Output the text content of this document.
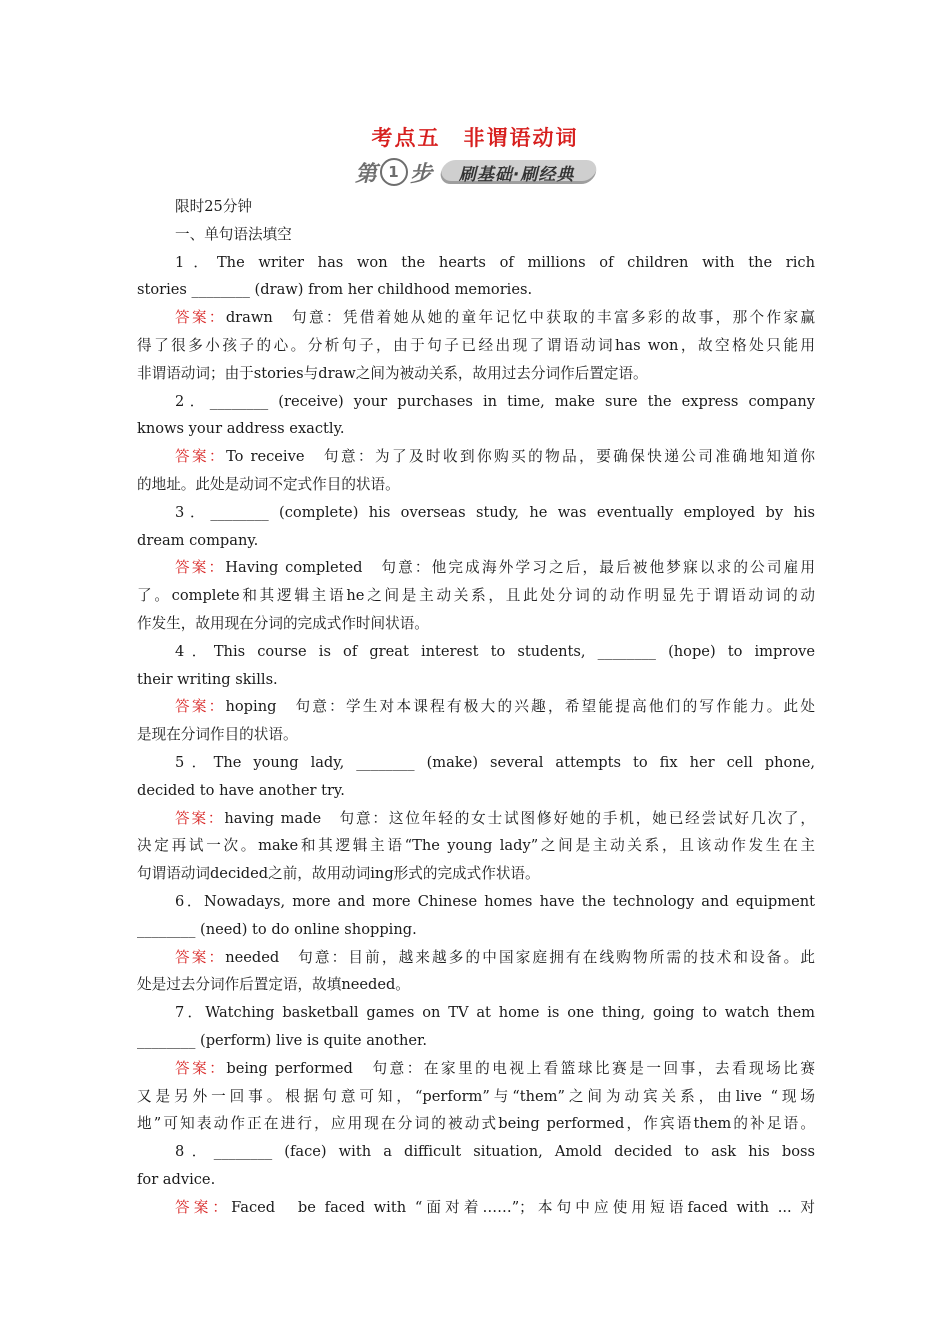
考点五　非谓语动词
第 1 步 刷基础·刷经典
限时25分钟
一、单句语法填空
1．The writer has won the hearts of millions of children with the rich
stories ________ (draw) from her childhood memories.
答案：drawn　句意：凭借着她从她的童年记忆中获取的丰富多彩的故事，那个作家赢
得了很多小孩子的心。分析句子，由于句子已经出现了谓语动词has won，故空格处只能用
非谓语动词；由于stories与draw之间为被动关系，故用过去分词作后置定语。
2．________ (receive) your purchases in time, make sure the express company
knows your address exactly.
答案：To receive　句意：为了及时收到你购买的物品，要确保快递公司准确地知道你
的地址。此处是动词不定式作目的状语。
3．________ (complete) his overseas study, he was eventually employed by his
dream company.
答案：Having completed　句意：他完成海外学习之后，最后被他梦寐以求的公司雇用
了。complete和其逻辑主语he之间是主动关系，且此处分词的动作明显先于谓语动词的动
作发生，故用现在分词的完成式作时间状语。
4．This course is of great interest to students, ________ (hope) to improve
their writing skills.
答案：hoping　句意：学生对本课程有极大的兴趣，希望能提高他们的写作能力。此处
是现在分词作目的状语。
5．The young lady, ________ (make) several attempts to fix her cell phone,
decided to have another try.
答案：having made　句意：这位年轻的女士试图修好她的手机，她已经尝试好几次了，
决定再试一次。make和其逻辑主语“The young lady”之间是主动关系，且该动作发生在主
句谓语动词decided之前，故用动词ing形式的完成式作状语。
6．Nowadays, more and more Chinese homes have the technology and equipment
________ (need) to do online shopping.
答案：needed　句意：目前，越来越多的中国家庭拥有在线购物所需的技术和设备。此
处是过去分词作后置定语，故填needed。
7．Watching basketball games on TV at home is one thing, going to watch them
________ (perform) live is quite another.
答案：being performed　句意：在家里的电视上看篮球比赛是一回事，去看现场比赛
又是另外一回事。根据句意可知，“perform”与“them”之间为动宾关系，由live “现场
地”可知表动作正在进行，应用现在分词的被动式being performed，作宾语them的补足语。
8．________ (face) with a difficult situation, Amold decided to ask his boss
for advice.
答案：Faced　be faced with “面对着……”；本句中应使用短语faced with ... 对
